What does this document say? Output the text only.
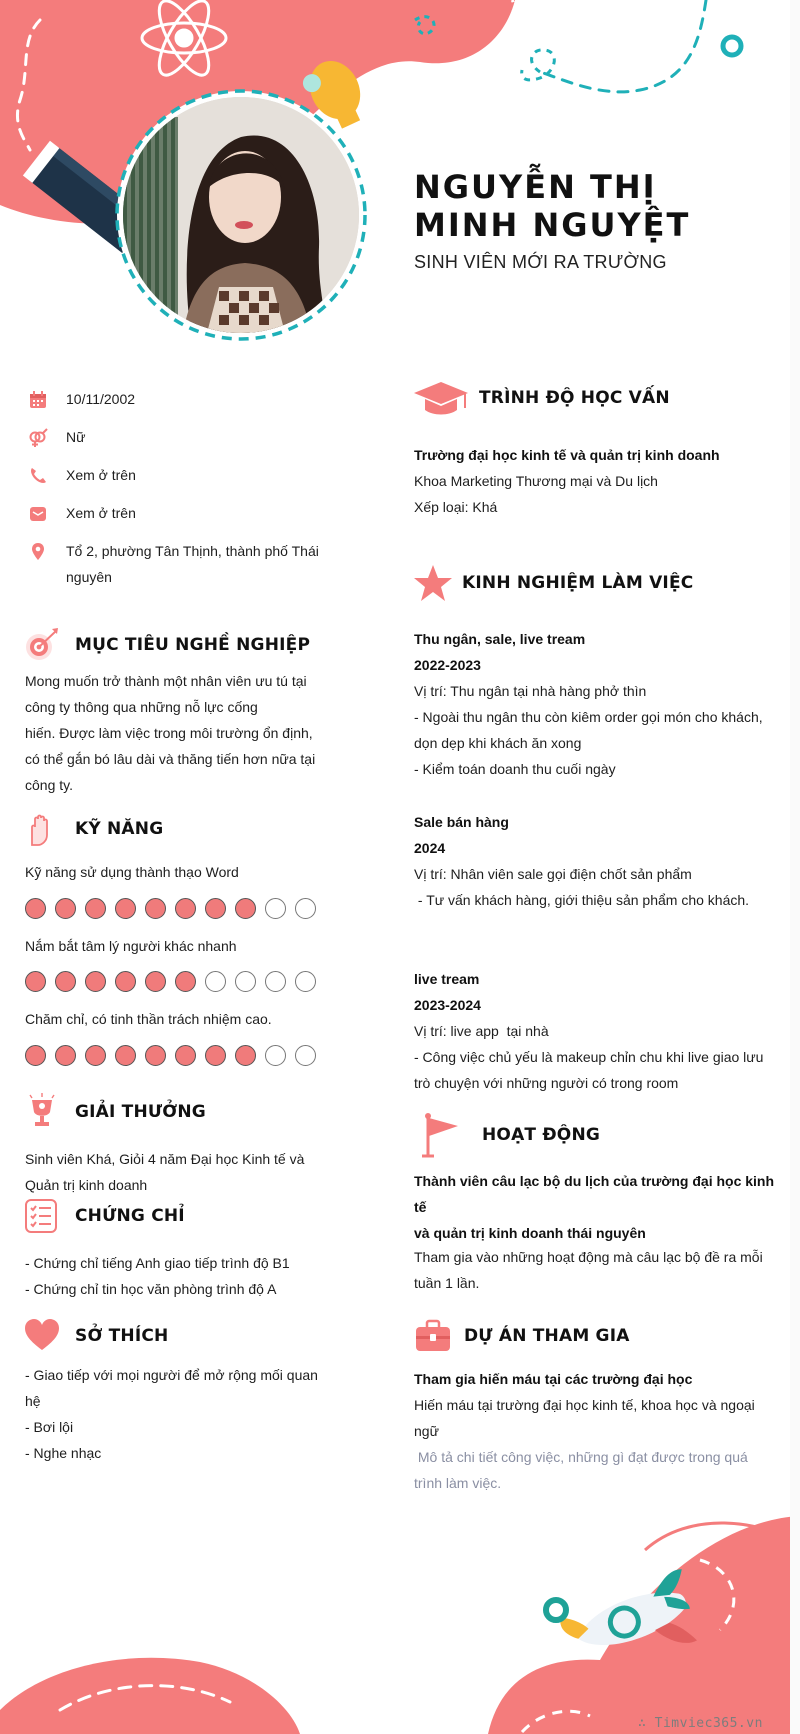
NGUYỄN THỊ MINH NGUYỆT
SINH VIÊN MỚI RA TRƯỜNG
10/11/2002
Nữ
Xem ở trên
Xem ở trên
Tổ 2, phường Tân Thịnh, thành phố Thái nguyên
MỤC TIÊU NGHỀ NGHIỆP
Mong muốn trở thành một nhân viên ưu tú tại
công ty thông qua những nỗ lực cống
hiến. Được làm việc trong môi trường ổn định,
có thể gắn bó lâu dài và thăng tiến hơn nữa tại
công ty.
KỸ NĂNG
Kỹ năng sử dụng thành thạo Word
Nắm bắt tâm lý người khác nhanh
Chăm chỉ, có tinh thần trách nhiệm cao.
GIẢI THƯỞNG
Sinh viên Khá, Giỏi 4 năm Đại học Kinh tế và
Quản trị kinh doanh
CHỨNG CHỈ
- Chứng chỉ tiếng Anh giao tiếp trình độ B1
- Chứng chỉ tin học văn phòng trình độ A
SỞ THÍCH
- Giao tiếp với mọi người để mở rộng mối quan
hệ
- Bơi lội
- Nghe nhạc
TRÌNH ĐỘ HỌC VẤN
Trường đại học kinh tế và quản trị kinh doanh
Khoa Marketing Thương mại và Du lịch
Xếp loại: Khá
KINH NGHIỆM LÀM VIỆC
Thu ngân, sale, live tream
2022-2023
Vị trí: Thu ngân tại nhà hàng phở thìn
- Ngoài thu ngân thu còn kiêm order gọi món cho khách,
dọn dẹp khi khách ăn xong
- Kiểm toán doanh thu cuối ngày
Sale bán hàng
2024
Vị trí: Nhân viên sale gọi điện chốt sản phẩm
- Tư vấn khách hàng, giới thiệu sản phẩm cho khách.
live tream
2023-2024
Vị trí: live app  tại nhà
- Công việc chủ yếu là makeup chỉn chu khi live giao lưu
trò chuyện với những người có trong room
HOẠT ĐỘNG
Thành viên câu lạc bộ du lịch của trường đại học kinh tế
và quản trị kinh doanh thái nguyên
Tham gia vào những hoạt động mà câu lạc bộ đề ra mỗi
tuần 1 lần.
DỰ ÁN THAM GIA
Tham gia hiến máu tại các trường đại học
Hiến máu tại trường đại học kinh tế, khoa học và ngoại
ngữ
Mô tả chi tiết công việc, những gì đạt được trong quá
trình làm việc.
∴ Timviec365.vn
